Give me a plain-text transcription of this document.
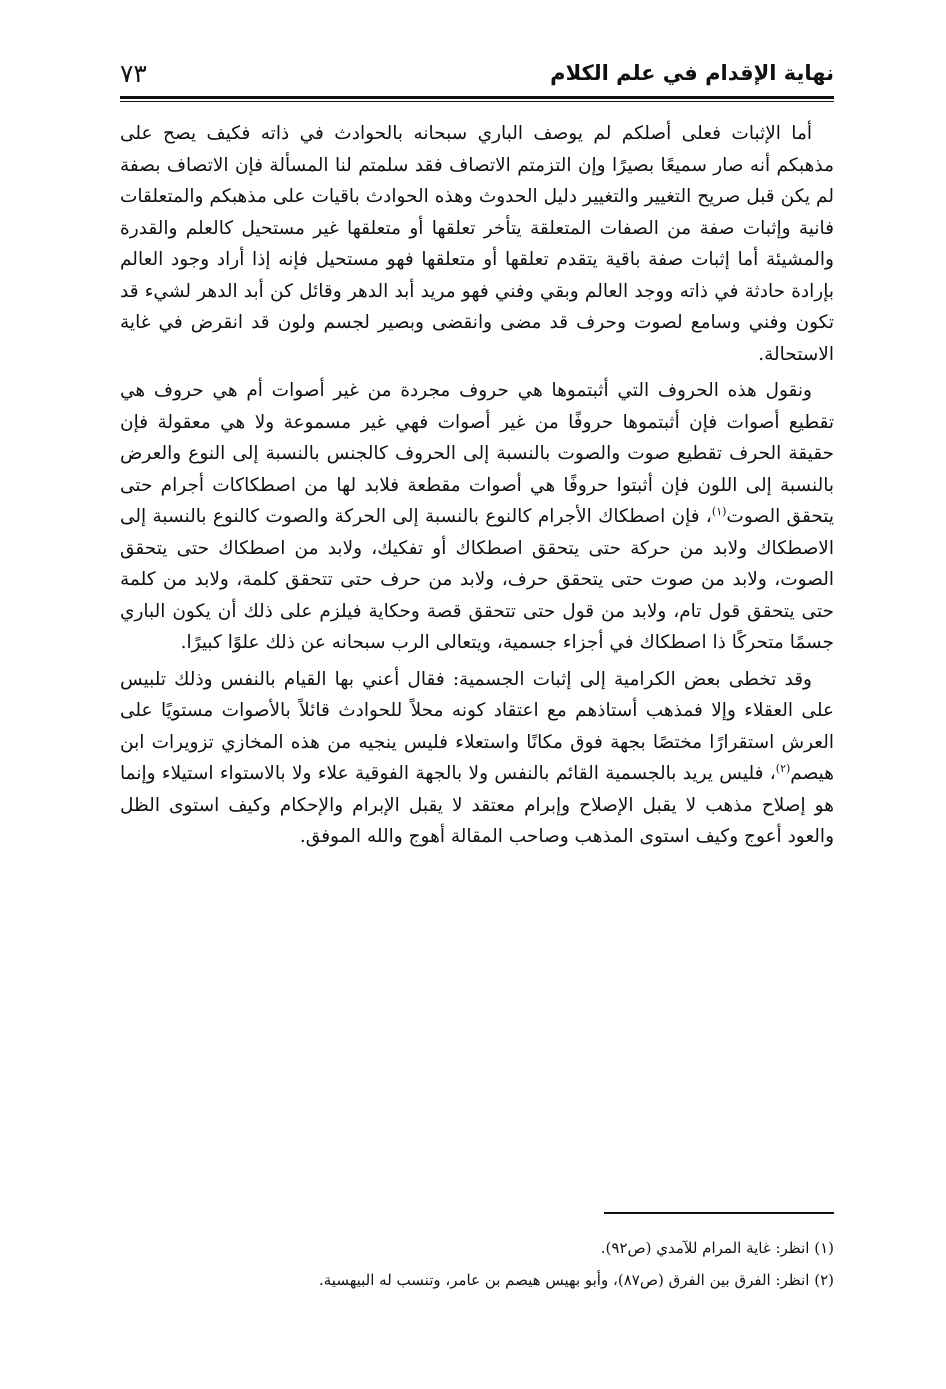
نهاية الإقدام في علم الكلام
٧٣

أما الإثبات فعلى أصلكم لم يوصف الباري سبحانه بالحوادث في ذاته فكيف يصح على مذهبكم أنه صار سميعًا بصيرًا وإن التزمتم الاتصاف فقد سلمتم لنا المسألة فإن الاتصاف بصفة لم يكن قبل صريح التغيير والتغيير دليل الحدوث وهذه الحوادث باقيات على مذهبكم والمتعلقات فانية وإثبات صفة من الصفات المتعلقة يتأخر تعلقها أو متعلقها غير مستحيل كالعلم والقدرة والمشيئة أما إثبات صفة باقية يتقدم تعلقها أو متعلقها فهو مستحيل فإنه إذا أراد وجود العالم بإرادة حادثة في ذاته ووجد العالم وبقي وفني فهو مريد أبد الدهر وقائل كن أبد الدهر لشيء قد تكون وفني وسامع لصوت وحرف قد مضى وانقضى وبصير لجسم ولون قد انقرض في غاية الاستحالة.

ونقول هذه الحروف التي أثبتموها هي حروف مجردة من غير أصوات أم هي حروف هي تقطيع أصوات فإن أثبتموها حروفًا من غير أصوات فهي غير مسموعة ولا هي معقولة فإن حقيقة الحرف تقطيع صوت والصوت بالنسبة إلى الحروف كالجنس بالنسبة إلى النوع والعرض بالنسبة إلى اللون فإن أثبتوا حروفًا هي أصوات مقطعة فلابد لها من اصطكاكات أجرام حتى يتحقق الصوت$^{(١)}$، فإن اصطكاك الأجرام كالنوع بالنسبة إلى الحركة والصوت كالنوع بالنسبة إلى الاصطكاك ولابد من حركة حتى يتحقق اصطكاك أو تفكيك، ولابد من اصطكاك حتى يتحقق الصوت، ولابد من صوت حتى يتحقق حرف، ولابد من حرف حتى تتحقق كلمة، ولابد من كلمة حتى يتحقق قول تام، ولابد من قول حتى تتحقق قصة وحكاية فيلزم على ذلك أن يكون الباري جسمًا متحركًا ذا اصطكاك في أجزاء جسمية، ويتعالى الرب سبحانه عن ذلك علوًا كبيرًا.

وقد تخطى بعض الكرامية إلى إثبات الجسمية: فقال أعني بها القيام بالنفس وذلك تلبيس على العقلاء وإلا فمذهب أستاذهم مع اعتقاد كونه محلاً للحوادث قائلاً بالأصوات مستويًا على العرش استقرارًا مختصًا بجهة فوق مكانًا واستعلاء فليس ينجيه من هذه المخازي تزويرات ابن هيصم$^{(٢)}$، فليس يريد بالجسمية القائم بالنفس ولا بالجهة الفوقية علاء ولا بالاستواء استيلاء وإنما هو إصلاح مذهب لا يقبل الإصلاح وإبرام معتقد لا يقبل الإبرام والإحكام وكيف استوى الظل والعود أعوج وكيف استوى المذهب وصاحب المقالة أهوج والله الموفق.

(١) انظر: غاية المرام للآمدي (ص٩٢).
(٢) انظر: الفرق بين الفرق (ص٨٧)، وأبو بهيس هيصم بن عامر، وتنسب له البيهسية.
